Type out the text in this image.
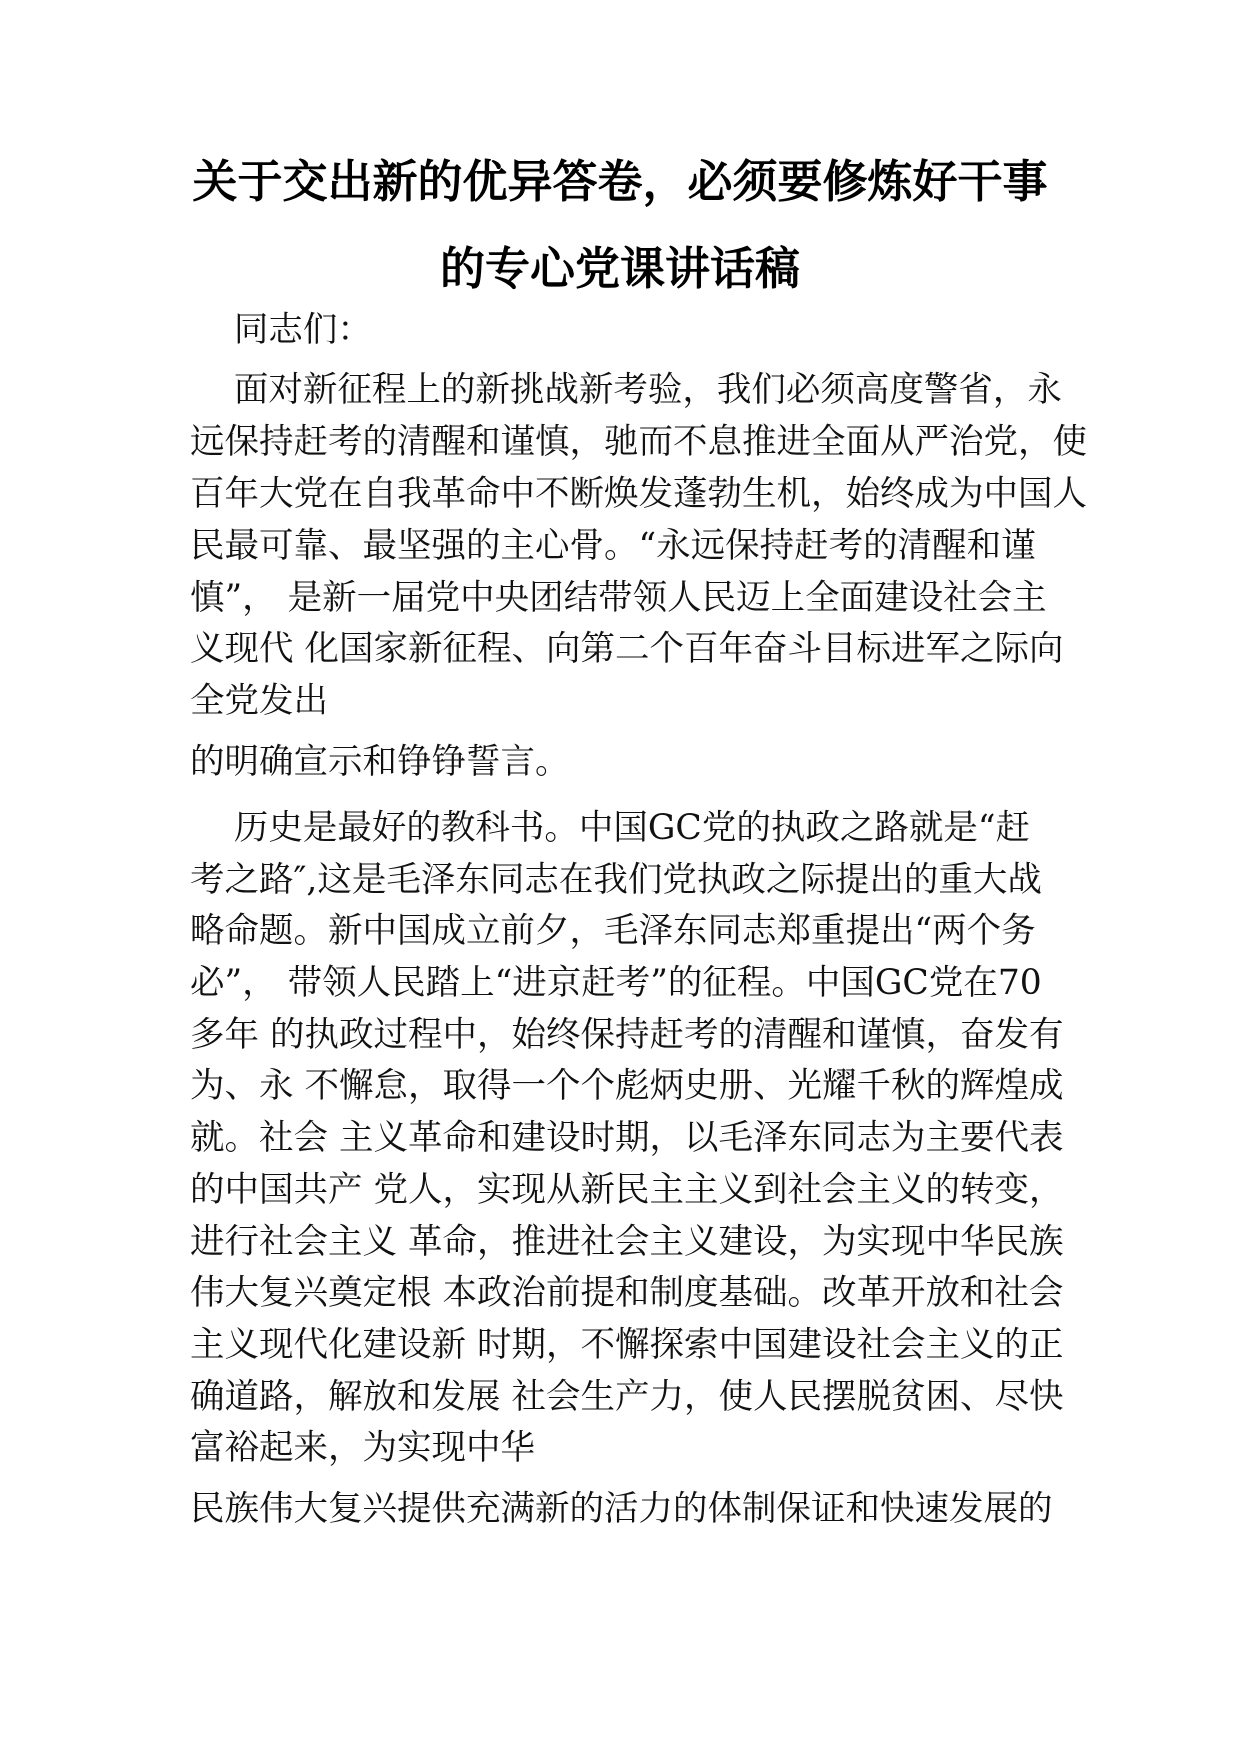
关于交出新的优异答卷，必须要修炼好干事
的专心党课讲话稿
同志们：
面对新征程上的新挑战新考验，我们必须高度警省，永
远保持赶考的清醒和谨慎，驰而不息推进全面从严治党，使
百年大党在自我革命中不断焕发蓬勃生机，始终成为中国人
民最可靠、最坚强的主心骨。“永远保持赶考的清醒和谨
慎”， 是新一届党中央团结带领人民迈上全面建设社会主
义现代 化国家新征程、向第二个百年奋斗目标进军之际向
全党发出
的明确宣示和铮铮誓言。
历史是最好的教科书。中国GC党的执政之路就是“赶
考之路″,这是毛泽东同志在我们党执政之际提出的重大战
略命题。新中国成立前夕，毛泽东同志郑重提出“两个务
必”， 带领人民踏上“进京赶考”的征程。中国GC党在70
多年 的执政过程中，始终保持赶考的清醒和谨慎，奋发有
为、永 不懈怠，取得一个个彪炳史册、光耀千秋的辉煌成
就。社会 主义革命和建设时期，以毛泽东同志为主要代表
的中国共产 党人，实现从新民主主义到社会主义的转变，
进行社会主义 革命，推进社会主义建设，为实现中华民族
伟大复兴奠定根 本政治前提和制度基础。改革开放和社会
主义现代化建设新 时期，不懈探索中国建设社会主义的正
确道路，解放和发展 社会生产力，使人民摆脱贫困、尽快
富裕起来，为实现中华
民族伟大复兴提供充满新的活力的体制保证和快速发展的
